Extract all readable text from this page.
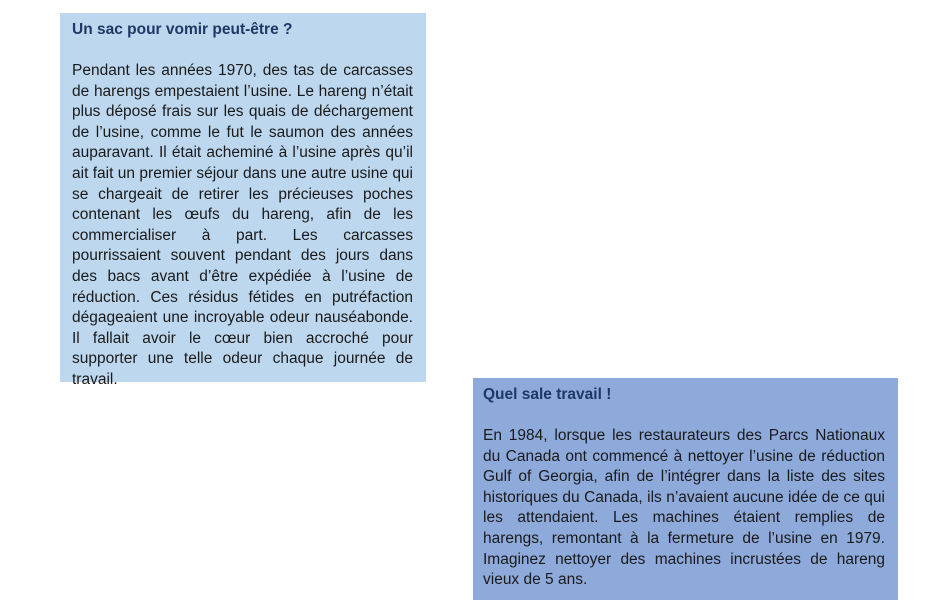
Un sac pour vomir peut-être ?

Pendant les années 1970, des tas de carcasses de harengs empestaient l’usine. Le hareng n’était plus déposé frais sur les quais de déchargement de l’usine, comme le fut le saumon des années auparavant. Il était acheminé à l’usine après qu’il ait fait un premier séjour dans une autre usine qui se chargeait de retirer les précieuses poches contenant les œufs du hareng, afin de les commercialiser à part. Les carcasses pourrissaient souvent pendant des jours dans des bacs avant d’être expédiée à l’usine de réduction. Ces résidus fétides en putréfaction dégageaient une incroyable odeur nauséabonde. Il fallait avoir le cœur bien accroché pour supporter une telle odeur chaque journée de travail.

Quel sale travail !

En 1984, lorsque les restaurateurs des Parcs Nationaux du Canada ont commencé à nettoyer l’usine de réduction Gulf of Georgia, afin de l’intégrer dans la liste des sites historiques du Canada, ils n’avaient aucune idée de ce qui les attendaient. Les machines étaient remplies de harengs, remontant à la fermeture de l’usine en 1979. Imaginez nettoyer des machines incrustées de hareng vieux de 5 ans.
